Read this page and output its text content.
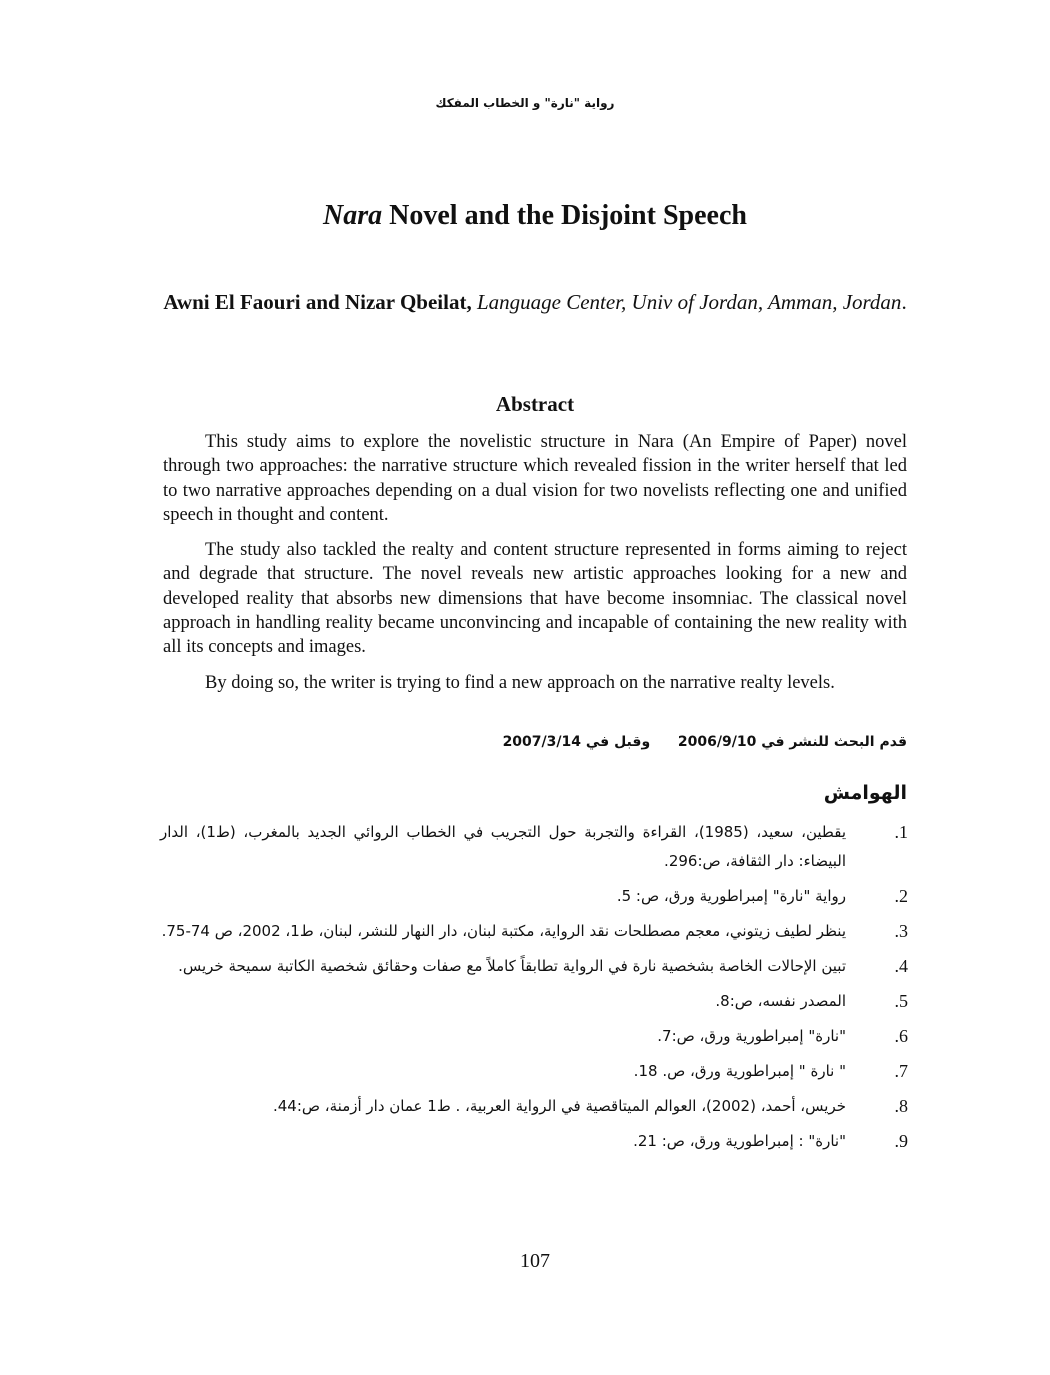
رواية "نارة" و الخطاب المفكك
Nara Novel and the Disjoint Speech
Awni El Faouri and Nizar Qbeilat, Language Center, Univ of Jordan, Amman, Jordan.
Abstract

This study aims to explore the novelistic structure in Nara (An Empire of Paper) novel through two approaches: the narrative structure which revealed fission in the writer herself that led to two narrative approaches depending on a dual vision for two novelists reflecting one and unified speech in thought and content.

The study also tackled the realty and content structure represented in forms aiming to reject and degrade that structure. The novel reveals new artistic approaches looking for a new and developed reality that absorbs new dimensions that have become insomniac. The classical novel approach in handling reality became unconvincing and incapable of containing the new reality with all its concepts and images.

By doing so, the writer is trying to find a new approach on the narrative realty levels.

قدم البحث للنشر في 2006/9/10  وقبل في 2007/3/14
الهوامش
.1
يقطين، سعيد، (1985)، القراءة والتجربة حول التجريب في الخطاب الروائي الجديد بالمغرب، (ط1)، الدار البيضاء: دار الثقافة، ص:296.
.2
رواية "نارة" إمبراطورية ورق، ص: 5.
.3
ينظر لطيف زيتوني، معجم مصطلحات نقد الرواية، مكتبة لبنان، دار النهار للنشر، لبنان، ط1، 2002، ص 74-75.
.4
تبين الإحالات الخاصة بشخصية نارة في الرواية تطابقاً كاملاً مع صفات وحقائق شخصية الكاتبة سميحة خريس.
.5
المصدر نفسه، ص:8.
.6
"نارة" إمبراطورية ورق، ص:7.
.7
" نارة " إمبراطورية ورق، ص. 18.
.8
خريس، أحمد، (2002)، العوالم الميتاقصية في الرواية العربية، . ط1 عمان دار أزمنة، ص:44.
.9
"نارة" : إمبراطورية ورق، ص: 21.
107
